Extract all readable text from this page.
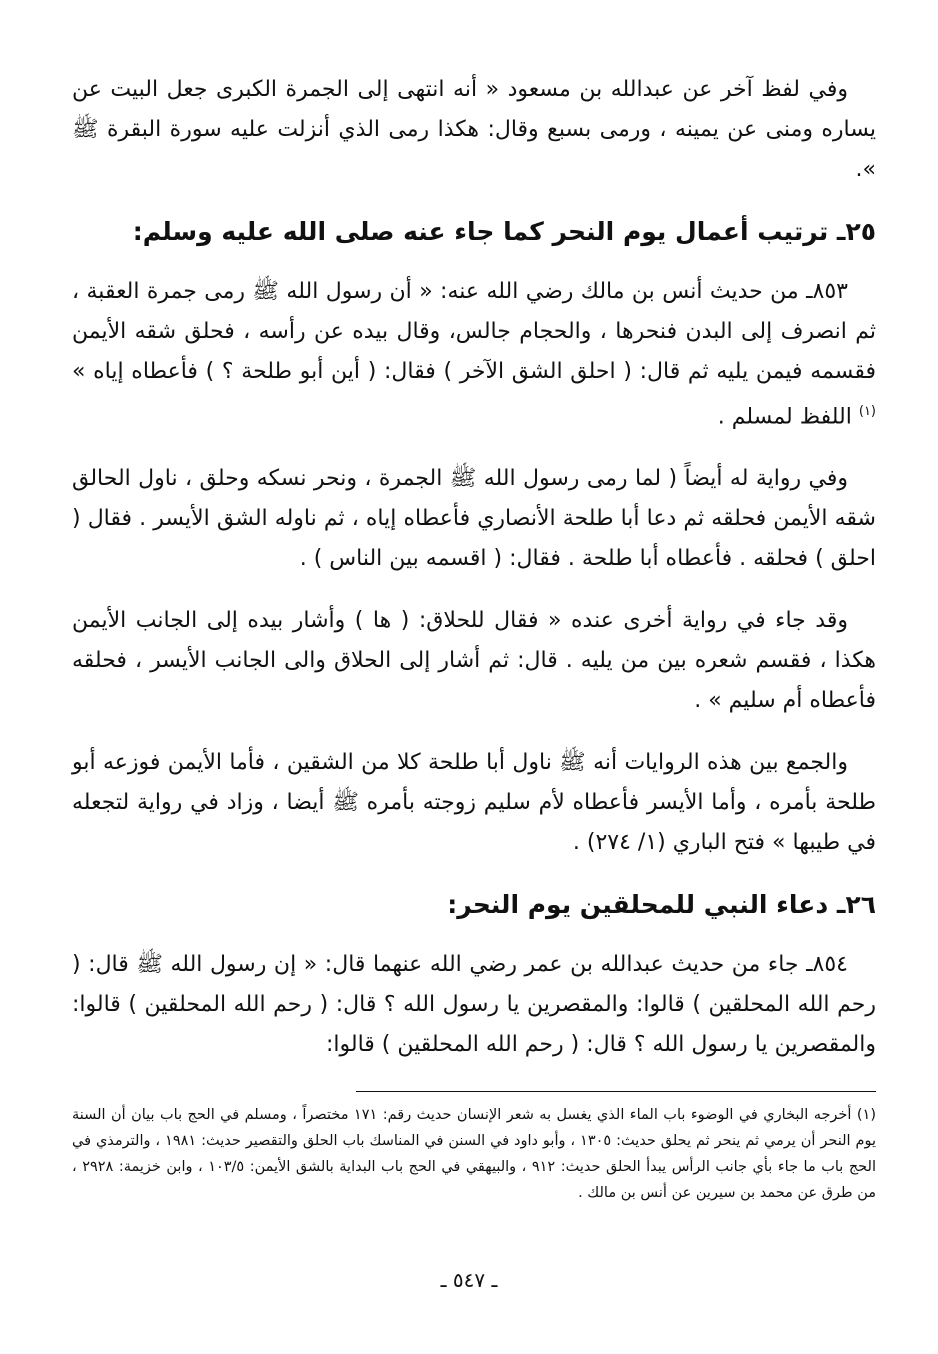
وفي لفظ آخر عن عبدالله بن مسعود « أنه انتهى إلى الجمرة الكبرى جعل البيت عن يساره ومنى عن يمينه ، ورمى بسبع وقال: هكذا رمى الذي أنزلت عليه سورة البقرة ﷺ ».

٢٥ـ ترتيب أعمال يوم النحر كما جاء عنه صلى الله عليه وسلم:

٨٥٣ـ من حديث أنس بن مالك رضي الله عنه: « أن رسول الله ﷺ رمى جمرة العقبة ، ثم انصرف إلى البدن فنحرها ، والحجام جالس، وقال بيده عن رأسه ، فحلق شقه الأيمن فقسمه فيمن يليه ثم قال: ( احلق الشق الآخر ) فقال: ( أين أبو طلحة ؟ ) فأعطاه إياه » $^{(١)}$ اللفظ لمسلم .

وفي رواية له أيضاً ( لما رمى رسول الله ﷺ الجمرة ، ونحر نسكه وحلق ، ناول الحالق شقه الأيمن فحلقه ثم دعا أبا طلحة الأنصاري فأعطاه إياه ، ثم ناوله الشق الأيسر . فقال ( احلق ) فحلقه . فأعطاه أبا طلحة . فقال: ( اقسمه بين الناس ) .

وقد جاء في رواية أخرى عنده « فقال للحلاق: ( ها ) وأشار بيده إلى الجانب الأيمن هكذا ، فقسم شعره بين من يليه . قال: ثم أشار إلى الحلاق والى الجانب الأيسر ، فحلقه فأعطاه أم سليم » .

والجمع بين هذه الروايات أنه ﷺ ناول أبا طلحة كلا من الشقين ، فأما الأيمن فوزعه أبو طلحة بأمره ، وأما الأيسر فأعطاه لأم سليم زوجته بأمره ﷺ أيضا ، وزاد في رواية لتجعله في طيبها » فتح الباري (١/ ٢٧٤) .

٢٦ـ دعاء النبي للمحلقين يوم النحر:

٨٥٤ـ جاء من حديث عبدالله بن عمر رضي الله عنهما قال: « إن رسول الله ﷺ قال: ( رحم الله المحلقين ) قالوا: والمقصرين يا رسول الله ؟ قال: ( رحم الله المحلقين ) قالوا: والمقصرين يا رسول الله ؟ قال: ( رحم الله المحلقين ) قالوا:

(١) أخرجه البخاري في الوضوء باب الماء الذي يغسل به شعر الإنسان حديث رقم: ١٧١ مختصراً ، ومسلم في الحج باب بيان أن السنة يوم النحر أن يرمي ثم ينحر ثم يحلق حديث: ١٣٠٥ ، وأبو داود في السنن في المناسك باب الحلق والتقصير حديث: ١٩٨١ ، والترمذي في الحج باب ما جاء بأي جانب الرأس يبدأ الحلق حديث: ٩١٢ ، والبيهقي في الحج باب البداية بالشق الأيمن: ١٠٣/٥ ، وابن خزيمة: ٢٩٢٨ ، من طرق عن محمد بن سيرين عن أنس بن مالك .

ـ ٥٤٧ ـ
